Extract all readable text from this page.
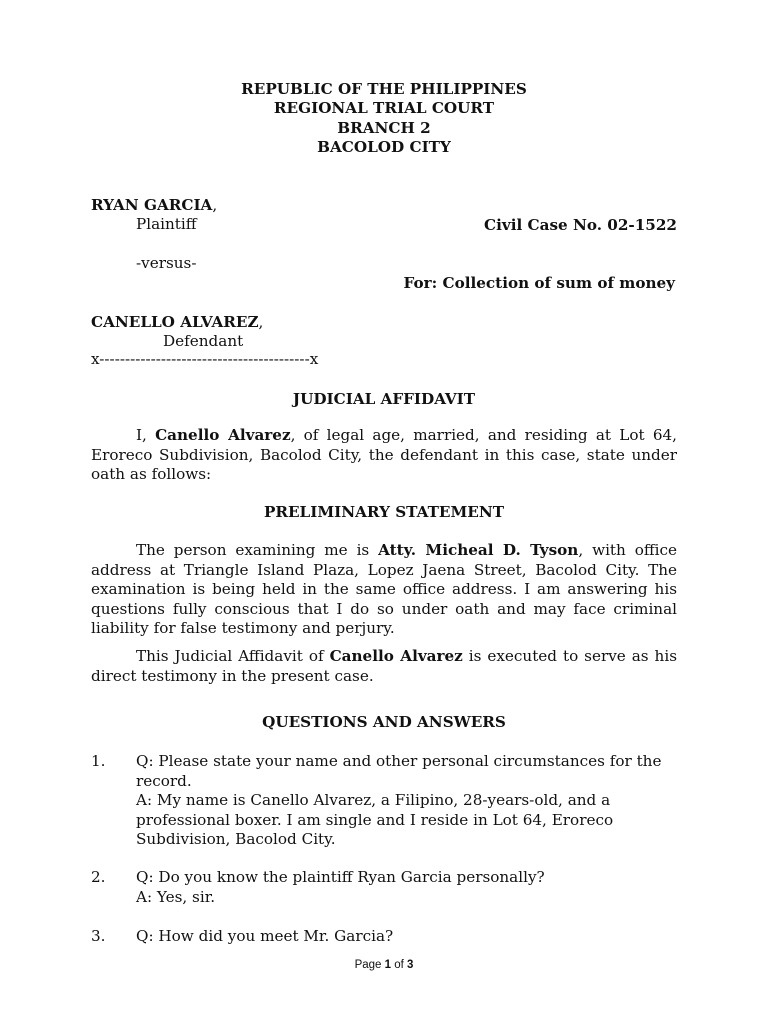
REPUBLIC OF THE PHILIPPINES
REGIONAL TRIAL COURT
BRANCH 2
BACOLOD CITY
RYAN GARCIA,
Plaintiff	Civil Case No. 02-1522
-versus-
For: Collection of sum of money
CANELLO ALVAREZ,
Defendant
x-----------------------------------------x
JUDICIAL AFFIDAVIT
I, Canello Alvarez, of legal age, married, and residing at Lot 64, Eroreco Subdivision, Bacolod City, the defendant in this case, state under oath as follows:
PRELIMINARY STATEMENT
The person examining me is Atty. Micheal D. Tyson, with office address at Triangle Island Plaza, Lopez Jaena Street, Bacolod City. The examination is being held in the same office address. I am answering his questions fully conscious that I do so under oath and may face criminal liability for false testimony and perjury.
This Judicial Affidavit of Canello Alvarez is executed to serve as his direct testimony in the present case.
QUESTIONS AND ANSWERS
1. Q: Please state your name and other personal circumstances for the record.
A: My name is Canello Alvarez, a Filipino, 28-years-old, and a professional boxer. I am single and I reside in Lot 64, Eroreco Subdivision, Bacolod City.
2. Q: Do you know the plaintiff Ryan Garcia personally?
A: Yes, sir.
3. Q: How did you meet Mr. Garcia?
Page 1 of 3
